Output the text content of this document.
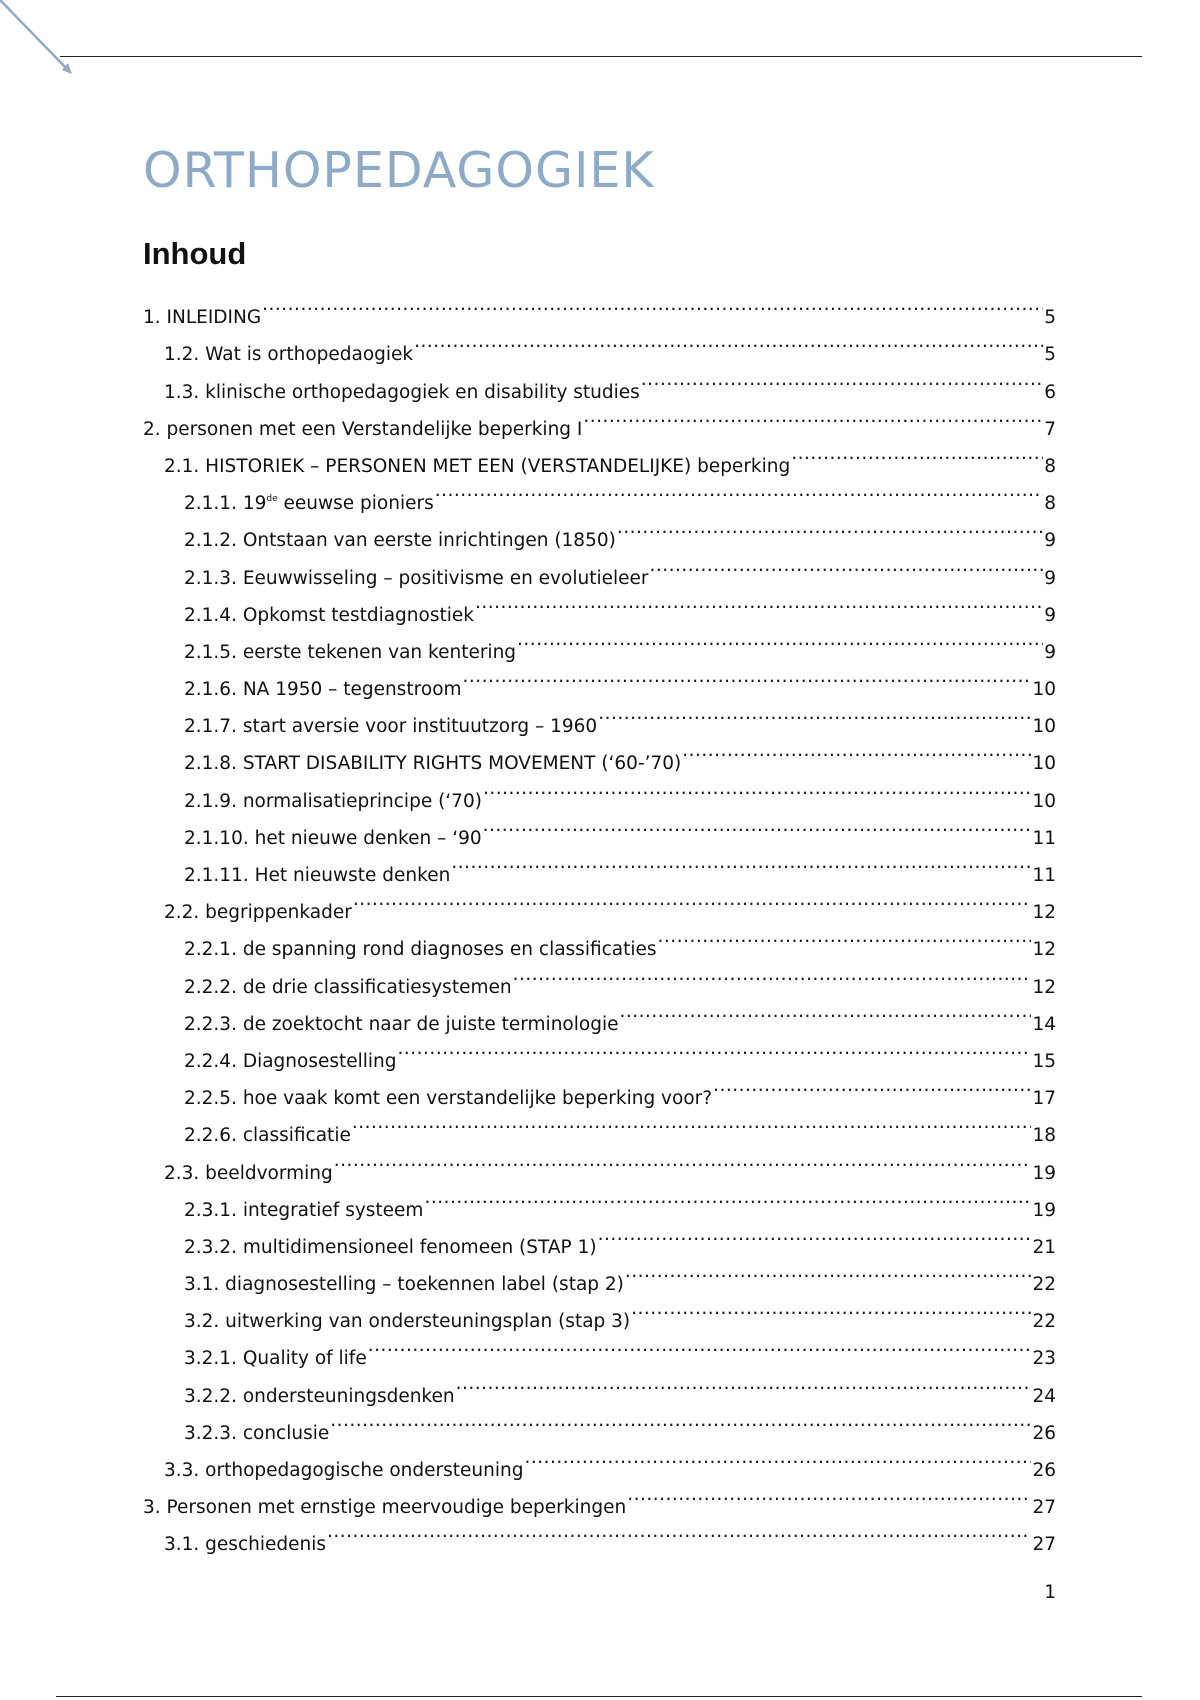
ORTHOPEDAGOGIEK
Inhoud
1. INLEIDING .....	5
1.2. Wat is orthopedaogiek .....	5
1.3. klinische orthopedagogiek en disability studies .....	6
2. personen met een Verstandelijke beperking I .....	7
2.1. HISTORIEK – PERSONEN MET EEN (VERSTANDELIJKE) beperking .....	8
2.1.1. 19de eeuwse pioniers .....	8
2.1.2. Ontstaan van eerste inrichtingen (1850) .....	9
2.1.3. Eeuwwisseling – positivisme en evolutieleer .....	9
2.1.4. Opkomst testdiagnostiek .....	9
2.1.5. eerste tekenen van kentering .....	9
2.1.6. NA 1950 – tegenstroom .....	10
2.1.7. start aversie voor instituutzorg – 1960 .....	10
2.1.8. START DISABILITY RIGHTS MOVEMENT (‘60-’70) .....	10
2.1.9. normalisatieprincipe (‘70) .....	10
2.1.10. het nieuwe denken – ‘90 .....	11
2.1.11. Het nieuwste denken .....	11
2.2. begrippenkader .....	12
2.2.1. de spanning rond diagnoses en classificaties .....	12
2.2.2. de drie classificatiesystemen .....	12
2.2.3. de zoektocht naar de juiste terminologie .....	14
2.2.4. Diagnosestelling .....	15
2.2.5. hoe vaak komt een verstandelijke beperking voor? .....	17
2.2.6. classificatie .....	18
2.3. beeldvorming .....	19
2.3.1. integratief systeem .....	19
2.3.2. multidimensioneel fenomeen (STAP 1) .....	21
3.1. diagnosestelling – toekennen label (stap 2) .....	22
3.2. uitwerking van ondersteuningsplan (stap 3) .....	22
3.2.1. Quality of life .....	23
3.2.2. ondersteuningsdenken .....	24
3.2.3. conclusie .....	26
3.3. orthopedagogische ondersteuning .....	26
3. Personen met ernstige meervoudige beperkingen .....	27
3.1. geschiedenis .....	27
1
